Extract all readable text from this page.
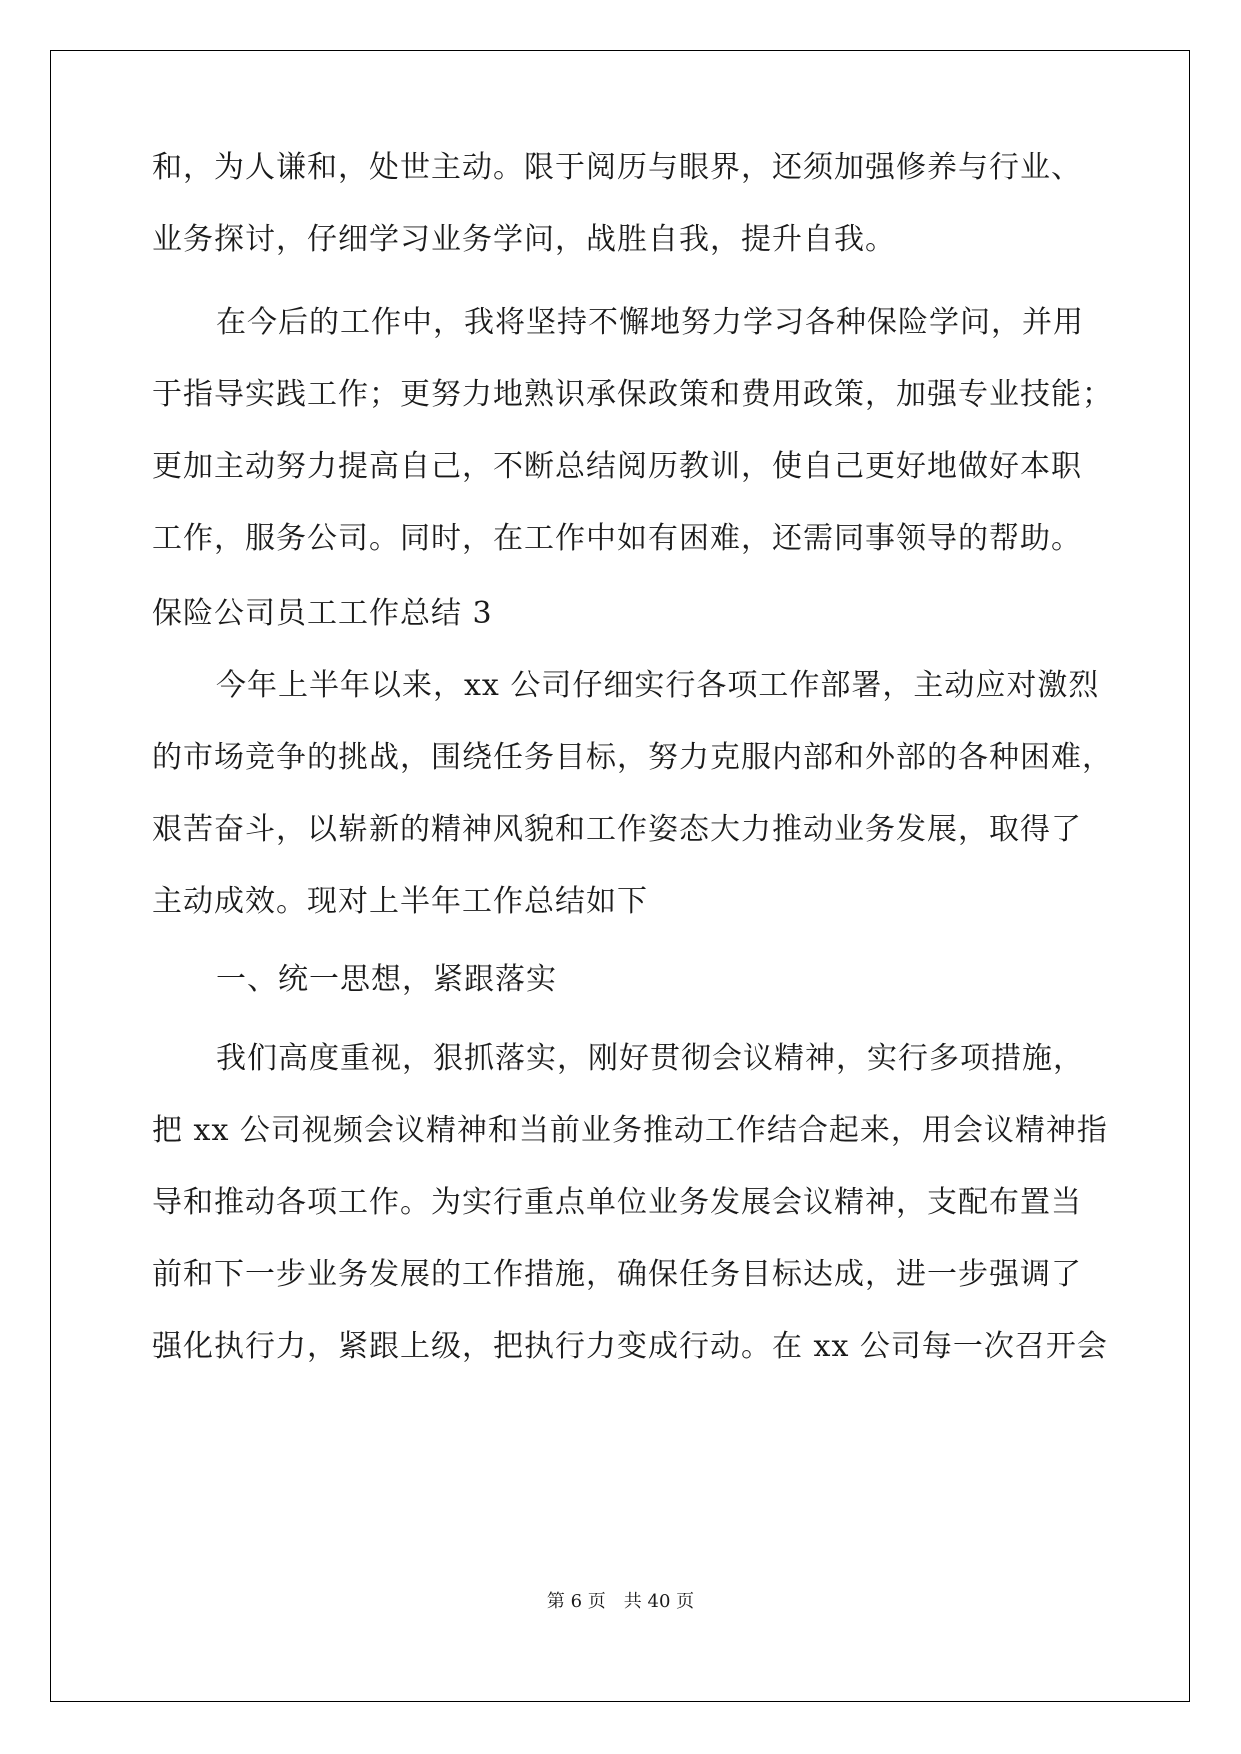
和，为人谦和，处世主动。限于阅历与眼界，还须加强修养与行业、
业务探讨，仔细学习业务学问，战胜自我，提升自我。
在今后的工作中，我将坚持不懈地努力学习各种保险学问，并用
于指导实践工作；更努力地熟识承保政策和费用政策，加强专业技能；
更加主动努力提高自己，不断总结阅历教训，使自己更好地做好本职
工作，服务公司。同时，在工作中如有困难，还需同事领导的帮助。
保险公司员工工作总结 3
今年上半年以来，xx 公司仔细实行各项工作部署，主动应对激烈
的市场竞争的挑战，围绕任务目标，努力克服内部和外部的各种困难，
艰苦奋斗，以崭新的精神风貌和工作姿态大力推动业务发展，取得了
主动成效。现对上半年工作总结如下
一、统一思想，紧跟落实
我们高度重视，狠抓落实，刚好贯彻会议精神，实行多项措施，
把 xx 公司视频会议精神和当前业务推动工作结合起来，用会议精神指
导和推动各项工作。为实行重点单位业务发展会议精神，支配布置当
前和下一步业务发展的工作措施，确保任务目标达成，进一步强调了
强化执行力，紧跟上级，把执行力变成行动。在 xx 公司每一次召开会
第 6 页　共 40 页
